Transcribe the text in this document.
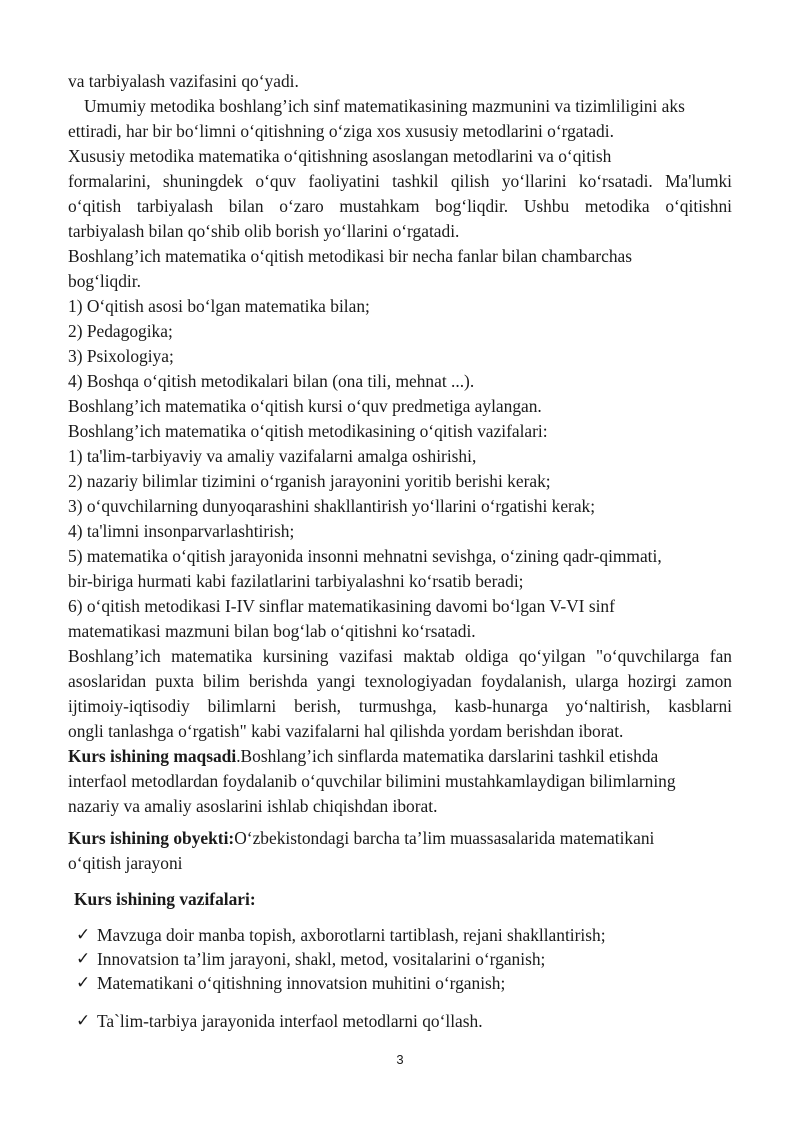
va tarbiyalash vazifasini qo‘yadi.
Umumiy metodika boshlang’ich sinf matematikasining mazmunini va tizimliligini aks
ettiradi, har bir bo‘limni o‘qitishning o‘ziga xos xususiy metodlarini o‘rgatadi.
Xususiy metodika matematika o‘qitishning asoslangan metodlarini va o‘qitish
formalarini, shuningdek o‘quv faoliyatini tashkil qilish yo‘llarini ko‘rsatadi. Ma'lumki
o‘qitish tarbiyalash bilan o‘zaro mustahkam bog‘liqdir. Ushbu metodika o‘qitishni
tarbiyalash bilan qo‘shib olib borish yo‘llarini o‘rgatadi.
Boshlang’ich matematika o‘qitish metodikasi bir necha fanlar bilan chambarchas
bog‘liqdir.
1) O‘qitish asosi bo‘lgan matematika bilan;
2) Pedagogika;
3) Psixologiya;
4) Boshqa o‘qitish metodikalari bilan (ona tili, mehnat ...).
Boshlang’ich matematika o‘qitish kursi o‘quv predmetiga aylangan.
Boshlang’ich matematika o‘qitish metodikasining o‘qitish vazifalari:
1) ta'lim-tarbiyaviy va amaliy vazifalarni amalga oshirishi,
2) nazariy bilimlar tizimini o‘rganish jarayonini yoritib berishi kerak;
3) o‘quvchilarning dunyoqarashini shakllantirish yo‘llarini o‘rgatishi kerak;
4) ta'limni insonparvarlashtirish;
5) matematika o‘qitish jarayonida insonni mehnatni sevishga, o‘zining qadr-qimmati,
bir-biriga hurmati kabi fazilatlarini tarbiyalashni ko‘rsatib beradi;
6) o‘qitish metodikasi I-IV sinflar matematikasining davomi bo‘lgan V-VI sinf
matematikasi mazmuni bilan bog‘lab o‘qitishni ko‘rsatadi.
Boshlang’ich matematika kursining vazifasi maktab oldiga qo‘yilgan "o‘quvchilarga fan
asoslaridan puxta bilim berishda yangi texnologiyadan foydalanish, ularga hozirgi zamon
ijtimoiy-iqtisodiy bilimlarni berish, turmushga, kasb-hunarga yo‘naltirish, kasblarni
ongli tanlashga o‘rgatish" kabi vazifalarni hal qilishda yordam berishdan iborat.
Kurs ishining maqsadi.Boshlang’ich sinflarda matematika darslarini tashkil etishda
interfaol metodlardan foydalanib o‘quvchilar bilimini mustahkamlaydigan bilimlarning
nazariy va amaliy asoslarini ishlab chiqishdan iborat.
Kurs ishining obyekti:O‘zbekistondagi barcha ta’lim muassasalarida matematikani
o‘qitish jarayoni
Kurs ishining vazifalari:
✓ Mavzuga doir manba topish, axborotlarni tartiblash, rejani shakllantirish;
✓ Innovatsion ta’lim jarayoni, shakl, metod, vositalarini o‘rganish;
✓ Matematikani o‘qitishning innovatsion muhitini o‘rganish;
✓ Ta`lim-tarbiya jarayonida interfaol metodlarni qo‘llash.
3
